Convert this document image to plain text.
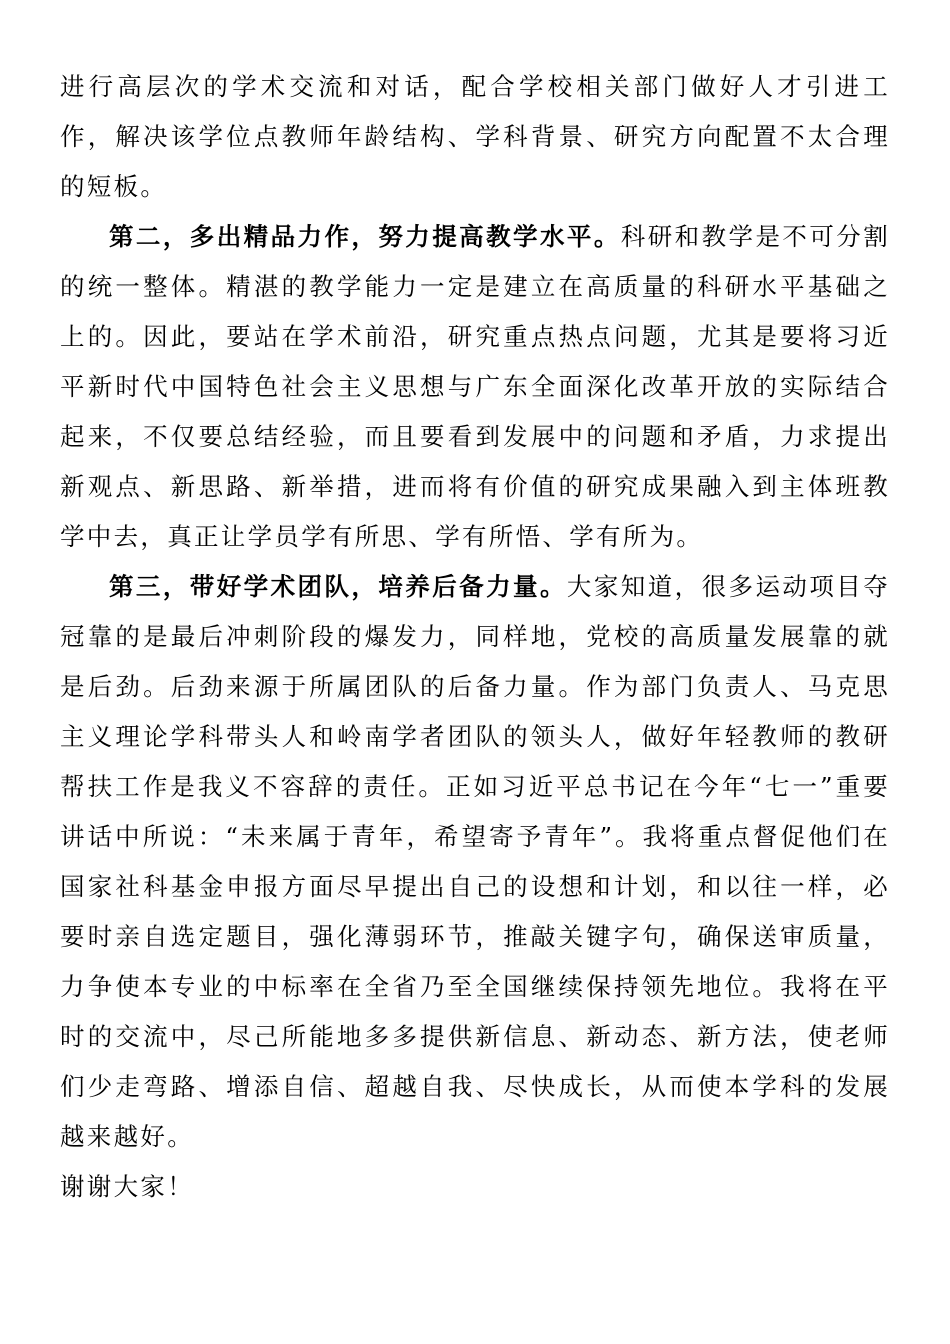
进行高层次的学术交流和对话，配合学校相关部门做好人才引进工作，解决该学位点教师年龄结构、学科背景、研究方向配置不太合理的短板。

第二，多出精品力作，努力提高教学水平。科研和教学是不可分割的统一整体。精湛的教学能力一定是建立在高质量的科研水平基础之上的。因此，要站在学术前沿，研究重点热点问题，尤其是要将习近平新时代中国特色社会主义思想与广东全面深化改革开放的实际结合起来，不仅要总结经验，而且要看到发展中的问题和矛盾，力求提出新观点、新思路、新举措，进而将有价值的研究成果融入到主体班教学中去，真正让学员学有所思、学有所悟、学有所为。

第三，带好学术团队，培养后备力量。大家知道，很多运动项目夺冠靠的是最后冲刺阶段的爆发力，同样地，党校的高质量发展靠的就是后劲。后劲来源于所属团队的后备力量。作为部门负责人、马克思主义理论学科带头人和岭南学者团队的领头人，做好年轻教师的教研帮扶工作是我义不容辞的责任。正如习近平总书记在今年“七一”重要讲话中所说：“未来属于青年，希望寄予青年”。我将重点督促他们在国家社科基金申报方面尽早提出自己的设想和计划，和以往一样，必要时亲自选定题目，强化薄弱环节，推敲关键字句，确保送审质量，力争使本专业的中标率在全省乃至全国继续保持领先地位。我将在平时的交流中，尽己所能地多多提供新信息、新动态、新方法，使老师们少走弯路、增添自信、超越自我、尽快成长，从而使本学科的发展越来越好。

谢谢大家！
